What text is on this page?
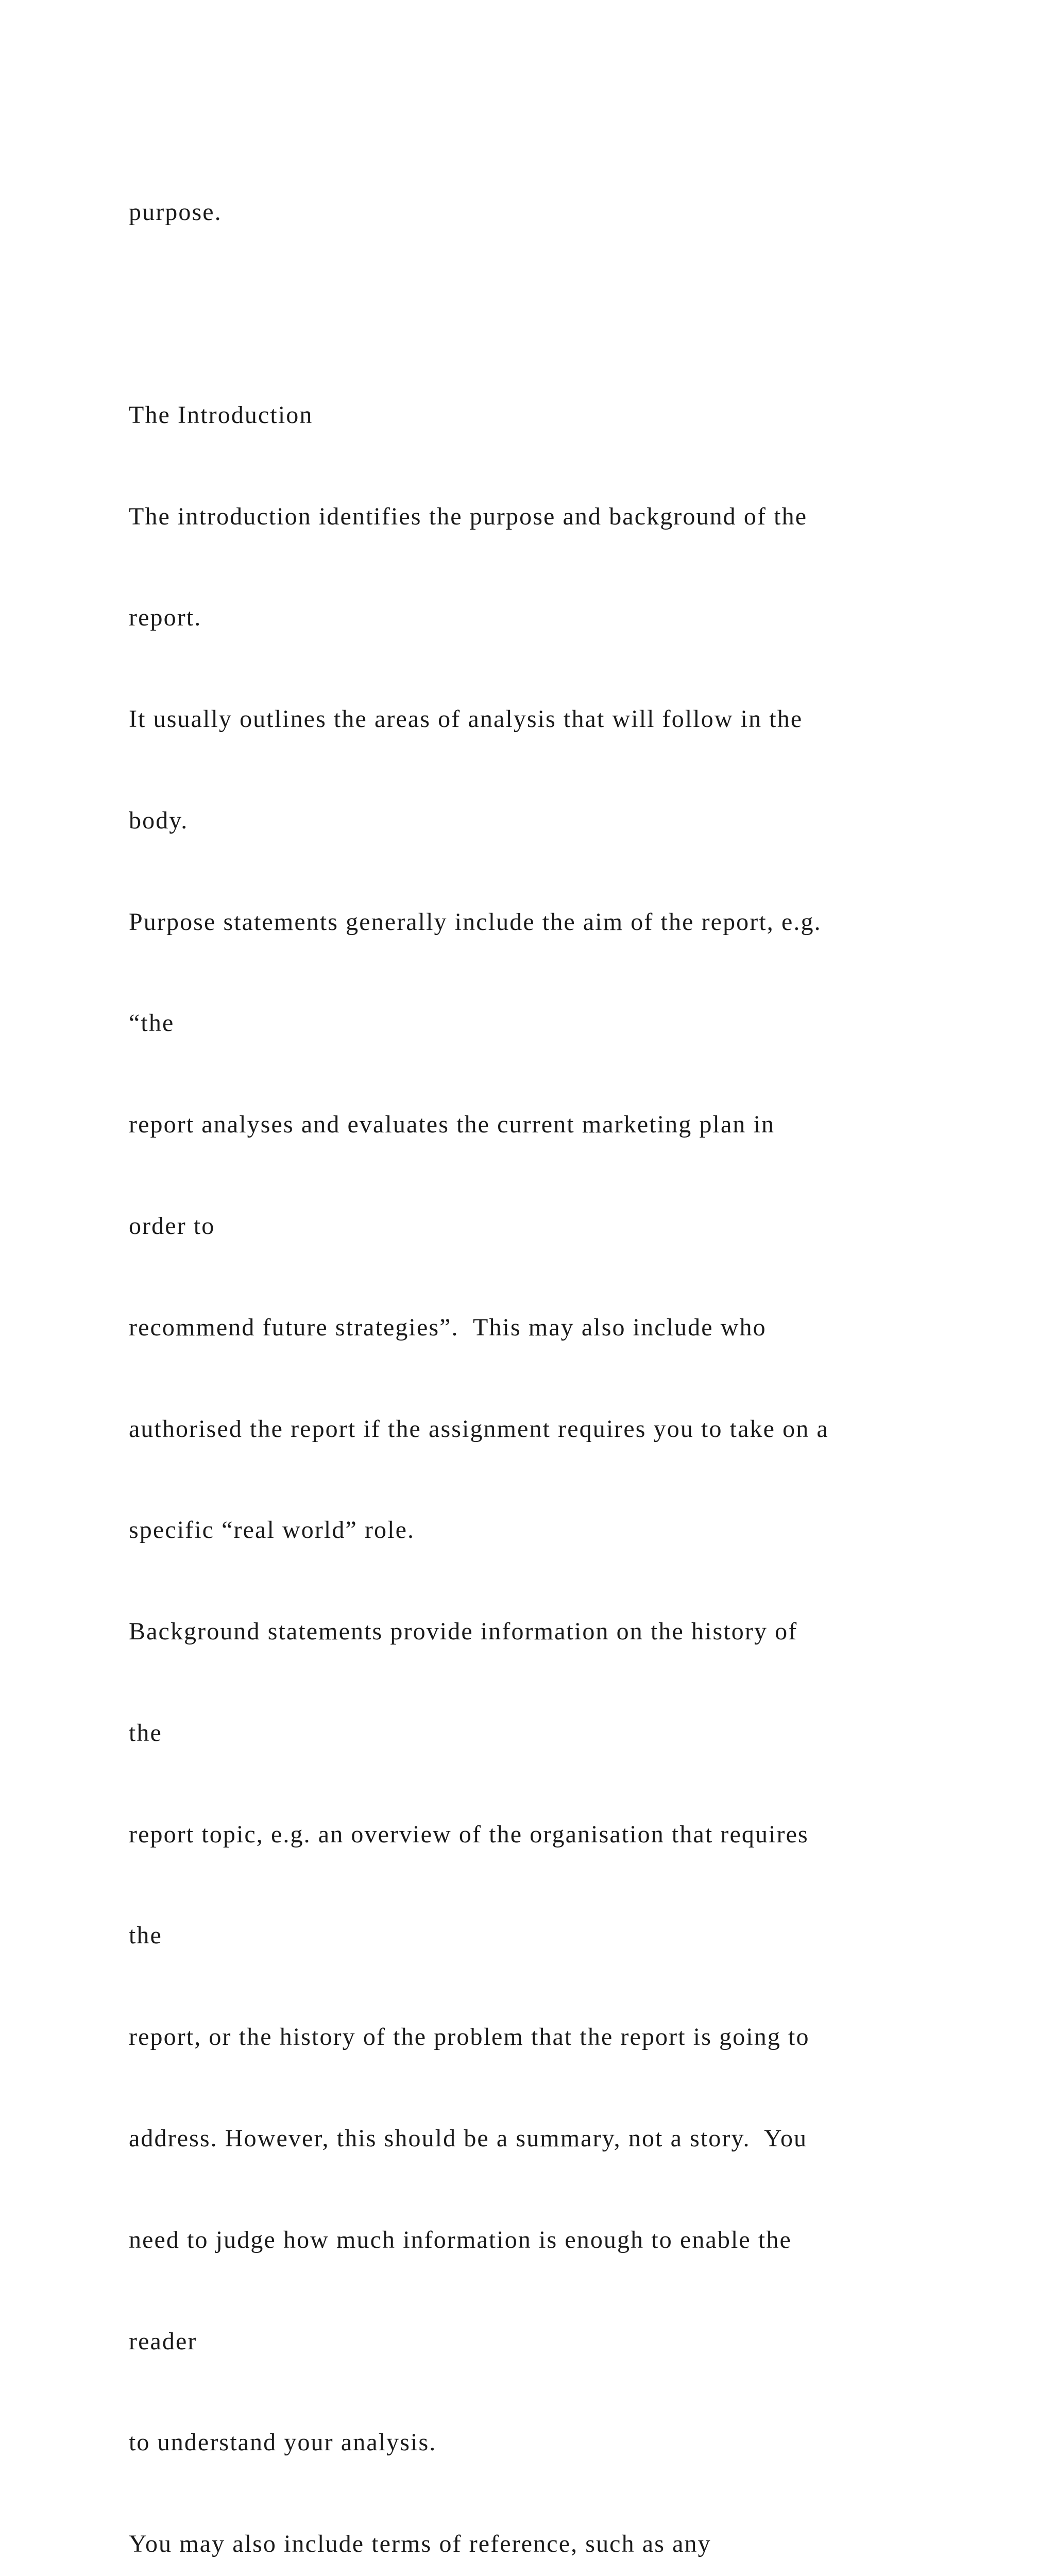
purpose.

The Introduction

The introduction identifies the purpose and background of the

report.

It usually outlines the areas of analysis that will follow in the

body.

Purpose statements generally include the aim of the report, e.g.

“the

report analyses and evaluates the current marketing plan in

order to

recommend future strategies”.  This may also include who

authorised the report if the assignment requires you to take on a

specific “real world” role.

Background statements provide information on the history of

the

report topic, e.g. an overview of the organisation that requires

the

report, or the history of the problem that the report is going to

address. However, this should be a summary, not a story.  You

need to judge how much information is enough to enable the

reader

to understand your analysis.

You may also include terms of reference, such as any
